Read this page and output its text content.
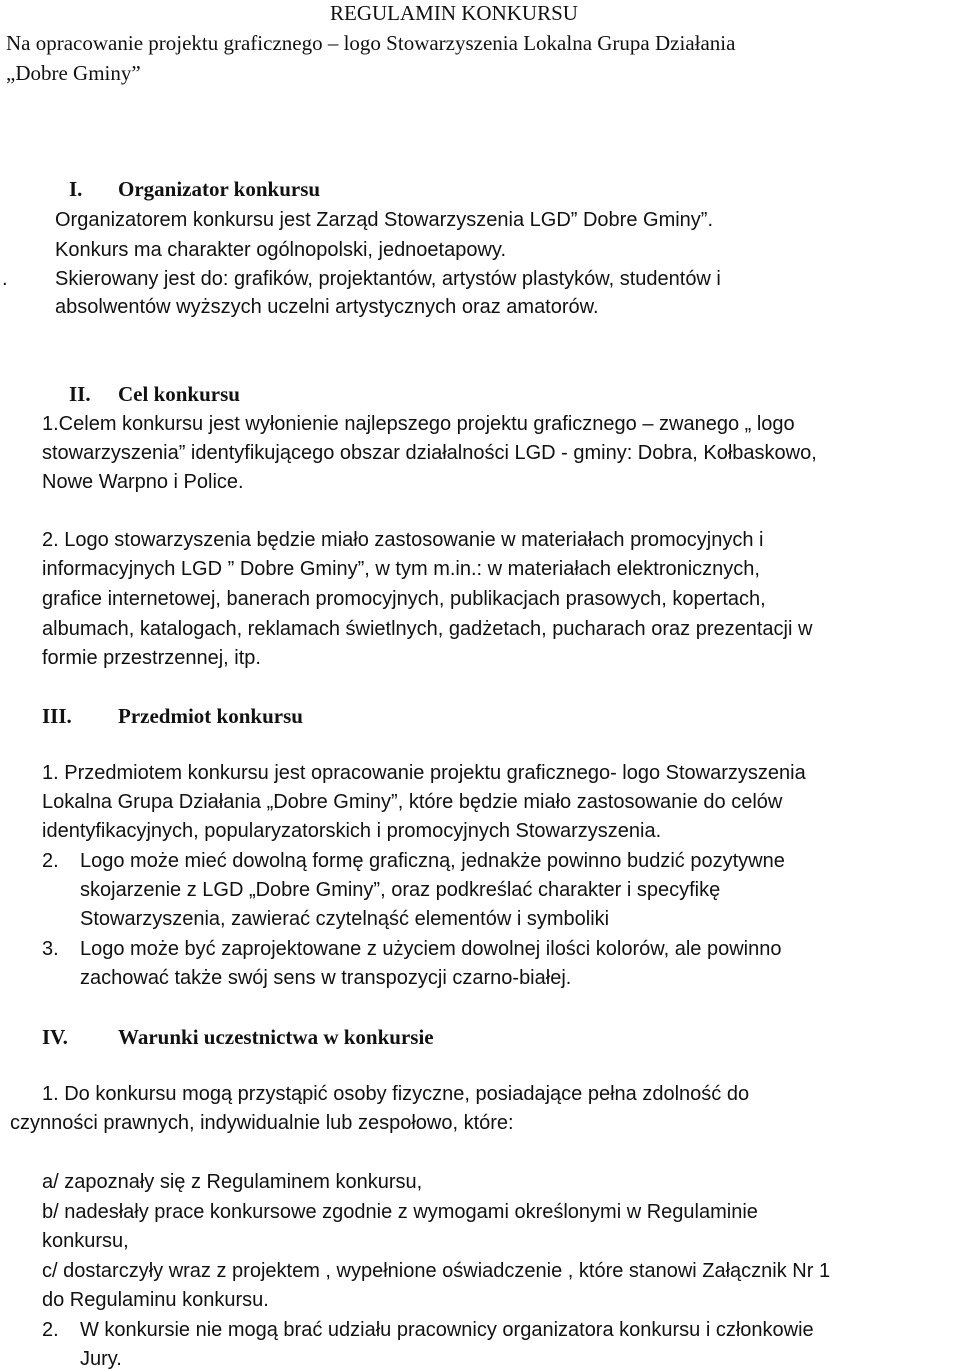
REGULAMIN KONKURSU
Na opracowanie projektu graficznego – logo Stowarzyszenia Lokalna Grupa Działania
„Dobre Gminy”
I. Organizator konkursu
Organizatorem konkursu jest Zarząd Stowarzyszenia LGD” Dobre Gminy”.
Konkurs ma charakter ogólnopolski, jednoetapowy.
. Skierowany jest do: grafików, projektantów, artystów plastyków, studentów i
absolwentów wyższych uczelni artystycznych oraz amatorów.
II. Cel konkursu
1.Celem konkursu jest wyłonienie najlepszego projektu graficznego – zwanego „ logo
stowarzyszenia” identyfikującego obszar działalności LGD - gminy: Dobra, Kołbaskowo,
Nowe Warpno i Police.
2. Logo stowarzyszenia będzie miało zastosowanie w materiałach promocyjnych i
informacyjnych LGD ” Dobre Gminy”, w tym m.in.: w materiałach elektronicznych,
grafice internetowej, banerach promocyjnych, publikacjach prasowych, kopertach,
albumach, katalogach, reklamach świetlnych, gadżetach, pucharach oraz prezentacji w
formie przestrzennej, itp.
III. Przedmiot konkursu
1. Przedmiotem konkursu jest opracowanie projektu graficznego- logo Stowarzyszenia
Lokalna Grupa Działania „Dobre Gminy”, które będzie miało zastosowanie do celów
identyfikacyjnych, popularyzatorskich i promocyjnych Stowarzyszenia.
2. Logo może mieć dowolną formę graficzną, jednakże powinno budzić pozytywne
skojarzenie z LGD „Dobre Gminy”, oraz podkreślać charakter i specyfikę
Stowarzyszenia, zawierać czytelnąść elementów i symboliki
3. Logo może być zaprojektowane z użyciem dowolnej ilości kolorów, ale powinno
zachować także swój sens w transpozycji czarno-białej.
IV. Warunki uczestnictwa w konkursie
1. Do konkursu mogą przystąpić osoby fizyczne, posiadające pełna zdolność do
czynności prawnych, indywidualnie lub zespołowo, które:
a/ zapoznały się z Regulaminem konkursu,
b/ nadesłały prace konkursowe zgodnie z wymogami określonymi w Regulaminie
konkursu,
c/ dostarczyły wraz z projektem , wypełnione oświadczenie , które stanowi Załącznik Nr 1
do Regulaminu konkursu.
2. W konkursie nie mogą brać udziału pracownicy organizatora konkursu i członkowie
Jury.
